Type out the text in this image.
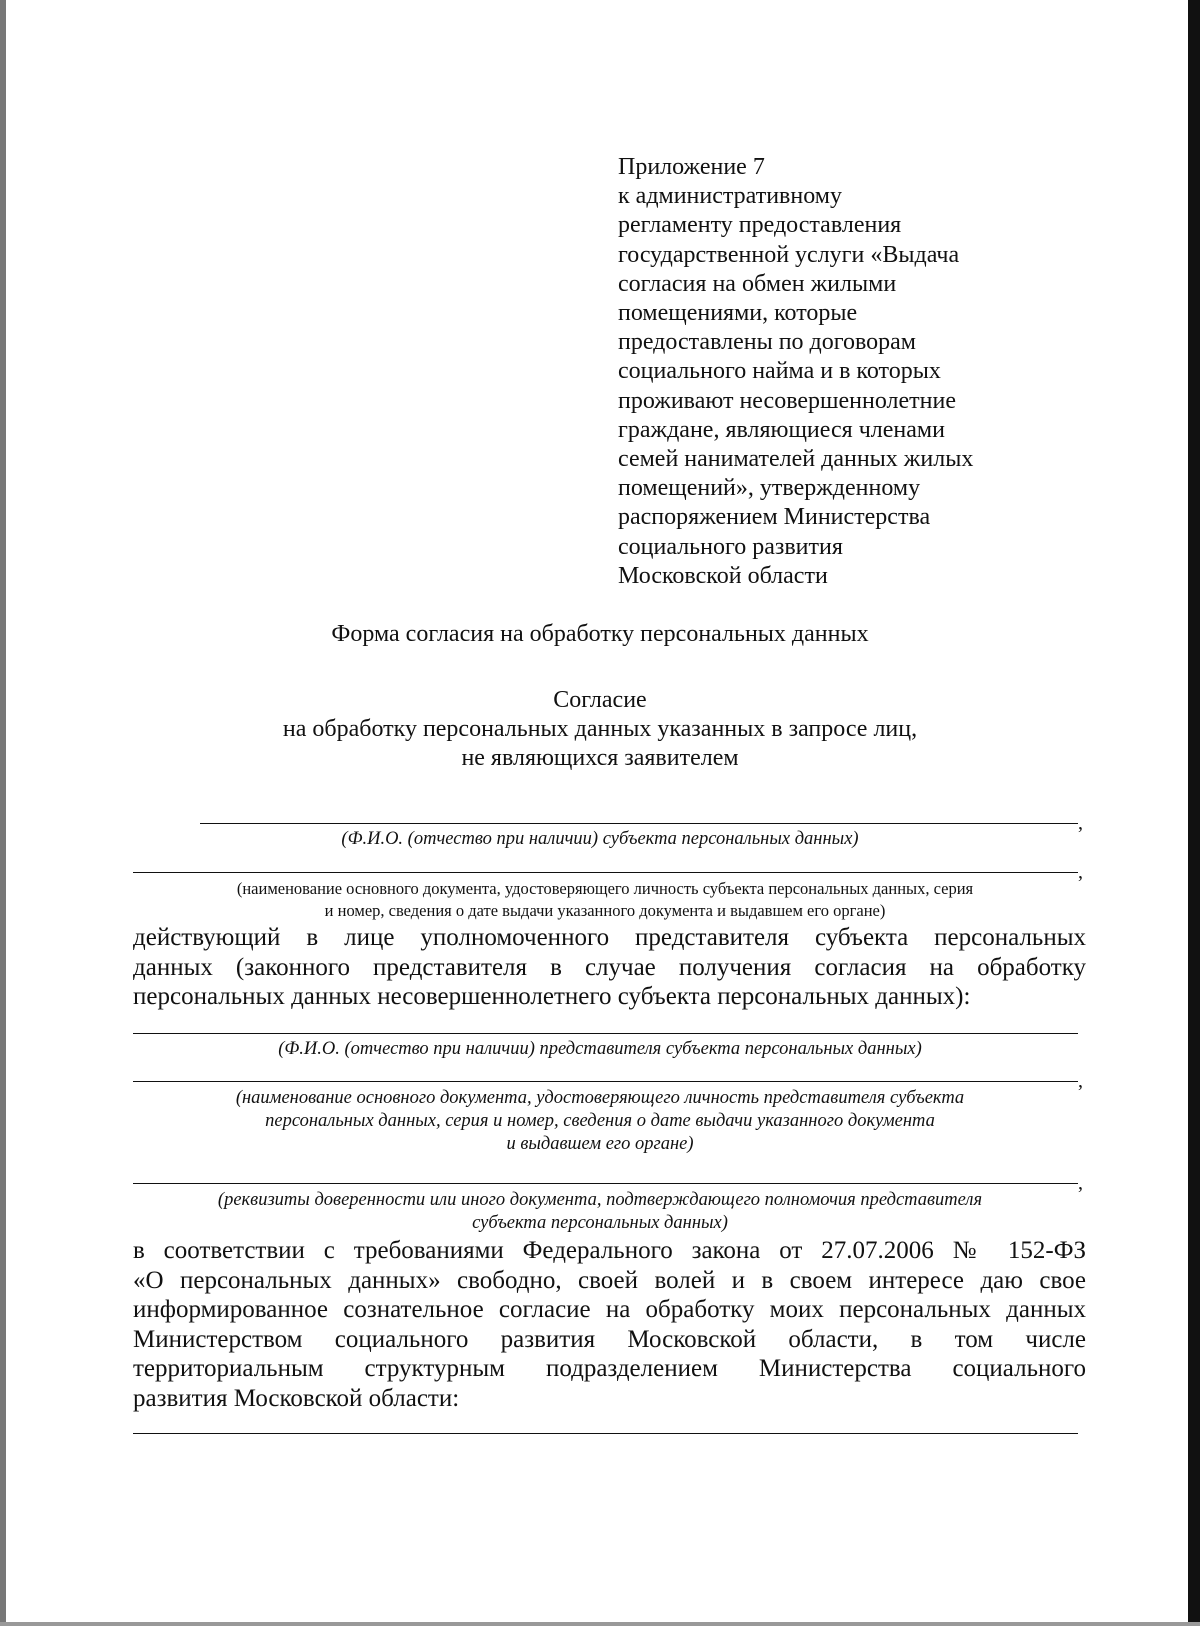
Приложение 7
к административному
регламенту предоставления
государственной услуги «Выдача
согласия на обмен жилыми
помещениями, которые
предоставлены по договорам
социального найма и в которых
проживают несовершеннолетние
граждане, являющиеся членами
семей нанимателей данных жилых
помещений», утвержденному
распоряжением Министерства
социального развития
Московской области
Форма согласия на обработку персональных данных
Согласие
на обработку персональных данных указанных в запросе лиц,
не являющихся заявителем
,
(Ф.И.О. (отчество при наличии) субъекта персональных данных)
,
(наименование основного документа, удостоверяющего личность субъекта персональных данных, серия
и номер, сведения о дате выдачи указанного документа и выдавшем его органе)
действующий в лице уполномоченного представителя субъекта персональных
данных (законного представителя в случае получения согласия на обработку
персональных данных несовершеннолетнего субъекта персональных данных):
(Ф.И.О. (отчество при наличии) представителя субъекта персональных данных)
,
(наименование основного документа, удостоверяющего личность представителя субъекта
персональных данных, серия и номер, сведения о дате выдачи указанного документа
и выдавшем его органе)
,
(реквизиты доверенности или иного документа, подтверждающего полномочия представителя
субъекта персональных данных)
в соответствии с требованиями Федерального закона от 27.07.2006 № 152-ФЗ
«О персональных данных» свободно, своей волей и в своем интересе даю свое
информированное сознательное согласие на обработку моих персональных данных
Министерством социального развития Московской области, в том числе
территориальным структурным подразделением Министерства социального
развития Московской области:
